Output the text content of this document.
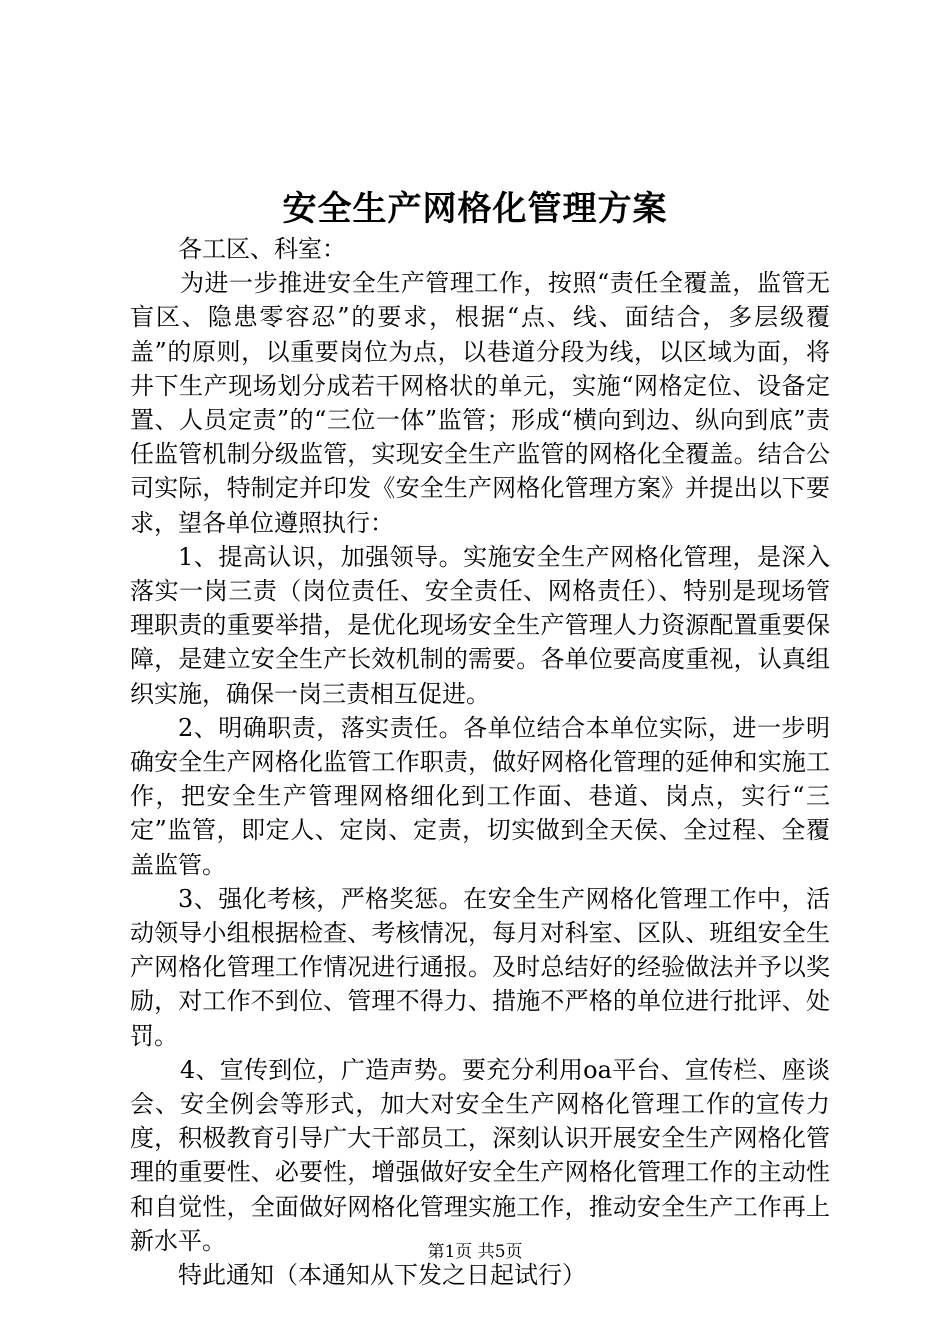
安全生产网格化管理方案

各工区、科室：

为进一步推进安全生产管理工作，按照“责任全覆盖，监管无盲区、隐患零容忍”的要求，根据“点、线、面结合，多层级覆盖”的原则，以重要岗位为点，以巷道分段为线，以区域为面，将井下生产现场划分成若干网格状的单元，实施“网格定位、设备定置、人员定责”的“三位一体”监管；形成“横向到边、纵向到底”责任监管机制分级监管，实现安全生产监管的网格化全覆盖。结合公司实际，特制定并印发《安全生产网格化管理方案》并提出以下要求，望各单位遵照执行：

1、提高认识，加强领导。实施安全生产网格化管理，是深入落实一岗三责（岗位责任、安全责任、网格责任）、特别是现场管理职责的重要举措，是优化现场安全生产管理人力资源配置重要保障，是建立安全生产长效机制的需要。各单位要高度重视，认真组织实施，确保一岗三责相互促进。

2、明确职责，落实责任。各单位结合本单位实际，进一步明确安全生产网格化监管工作职责，做好网格化管理的延伸和实施工作，把安全生产管理网格细化到工作面、巷道、岗点，实行“三定”监管，即定人、定岗、定责，切实做到全天侯、全过程、全覆盖监管。

3、强化考核，严格奖惩。在安全生产网格化管理工作中，活动领导小组根据检查、考核情况，每月对科室、区队、班组安全生产网格化管理工作情况进行通报。及时总结好的经验做法并予以奖励，对工作不到位、管理不得力、措施不严格的单位进行批评、处罚。

4、宣传到位，广造声势。要充分利用oa平台、宣传栏、座谈会、安全例会等形式，加大对安全生产网格化管理工作的宣传力度，积极教育引导广大干部员工，深刻认识开展安全生产网格化管理的重要性、必要性，增强做好安全生产网格化管理工作的主动性和自觉性，全面做好网格化管理实施工作，推动安全生产工作再上新水平。

特此通知（本通知从下发之日起试行）

第1页 共5页
